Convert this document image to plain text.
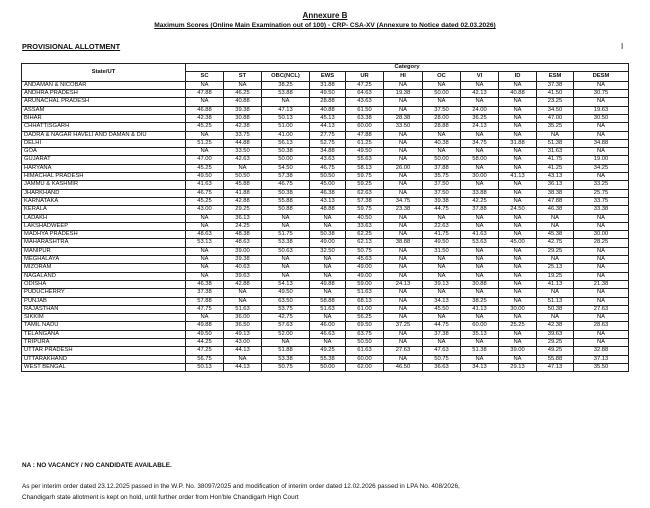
Annexure B
Maximum Scores (Online Main Examination out of 100) - CRP- CSA-XV (Annexure to Notice dated 02.03.2026)
PROVISIONAL ALLOTMENT	I
State/UT	Category										
	SC	ST	OBC(NCL)	EWS	UR	HI	OC	VI	ID	ESM	DESM
ANDAMAN & NICOBAR	NA	NA	38.25	31.88	47.25	NA	NA	NA	NA	37.38	NA
ANDHRA PRADESH	47.88	46.25	53.88	49.50	64.63	19.38	50.00	42.13	40.88	41.50	30.75
ARUNACHAL PRADESH	NA	40.88	NA	28.88	43.63	NA	NA	NA	NA	23.25	NA
ASSAM	46.88	39.38	47.13	40.88	61.50	NA	37.50	24.00	NA	34.50	19.63
BIHAR	42.38	30.88	50.13	45.13	63.38	28.38	28.00	36.25	NA	47.00	30.50
CHHATTISGARH	45.25	42.38	51.00	44.13	60.00	33.50	28.88	24.13	NA	35.25	NA
DADRA & NAGAR HAVELI AND DAMAN & DIU	NA	33.75	41.00	27.75	47.88	NA	NA	NA	NA	NA	NA
DELHI	51.25	44.88	56.13	52.75	61.25	NA	40.38	34.75	31.88	51.38	34.88
GOA	NA	33.50	50.38	34.88	49.50	NA	NA	NA	NA	31.63	NA
GUJARAT	47.00	42.63	50.00	43.63	55.63	NA	50.00	58.00	NA	41.75	19.00
HARYANA	45.25	NA	54.50	46.75	58.13	26.00	37.88	NA	NA	41.25	34.25
HIMACHAL PRADESH	49.50	50.50	57.38	50.50	59.75	NA	35.75	30.00	41.13	43.13	NA
JAMMU & KASHMIR	41.63	45.88	46.75	45.00	59.25	NA	37.50	NA	NA	36.13	33.25
JHARKHAND	46.75	41.88	50.38	46.38	62.63	NA	37.50	33.88	NA	38.38	25.75
KARNATAKA	45.25	42.88	55.88	43.13	57.38	34.75	39.38	42.25	NA	47.88	33.75
KERALA	43.00	29.25	50.88	48.88	59.75	23.38	44.75	37.88	24.50	46.38	33.38
LADAKH	NA	36.13	NA	NA	40.50	NA	NA	NA	NA	NA	NA
LAKSHADWEEP	NA	24.25	NA	NA	33.63	NA	22.63	NA	NA	NA	NA
MADHYA PRADESH	48.63	48.38	51.75	50.38	62.25	NA	41.75	41.63	NA	45.38	30.00
MAHARASHTRA	53.13	48.63	53.38	49.00	62.13	38.88	49.50	53.63	45.00	42.75	28.25
MANIPUR	NA	39.00	50.63	32.50	50.75	NA	31.50	NA	NA	29.25	NA
MEGHALAYA	NA	39.38	NA	NA	45.63	NA	NA	NA	NA	NA	NA
MIZORAM	NA	40.63	NA	NA	49.00	NA	NA	NA	NA	25.13	NA
NAGALAND	NA	39.63	NA	NA	49.00	NA	NA	NA	NA	19.25	NA
ODISHA	46.38	42.88	54.13	49.88	59.00	24.13	39.13	30.88	NA	41.13	21.38
PUDUCHERRY	37.38	NA	49.50	NA	51.63	NA	NA	NA	NA	NA	NA
PUNJAB	57.88	NA	63.50	58.88	68.13	NA	34.13	38.25	NA	51.13	NA
RAJASTHAN	47.75	51.63	53.75	51.63	61.00	NA	45.50	41.13	30.00	50.38	27.63
SIKKIM	NA	36.00	42.75	NA	56.25	NA	NA	NA	NA	NA	NA
TAMIL NADU	49.88	36.50	57.63	46.00	69.50	37.25	44.75	60.00	25.25	42.38	28.63
TELANGANA	49.50	49.13	52.00	46.63	63.75	NA	37.38	35.13	NA	39.63	NA
TRIPURA	44.25	43.00	NA	NA	50.50	NA	NA	NA	NA	29.25	NA
UTTAR PRADESH	47.25	44.13	51.88	49.25	61.63	27.63	47.63	51.38	39.00	49.25	32.88
UTTARAKHAND	56.75	NA	53.38	55.38	60.00	NA	50.75	NA	NA	55.88	37.13
WEST BENGAL	50.13	44.13	50.75	50.00	62.00	46.50	36.63	34.13	29.13	47.13	35.50
NA : NO VACANCY / NO CANDIDATE AVAILABLE.
As per interim order dated 23.12.2025 passed in the W.P. No. 38097/2025 and modification of interim order dated 12.02.2026 passed in LPA No. 408/2026,
Chandigarh state allotment is kept on hold, until further order from Hon'ble Chandigarh High Court
